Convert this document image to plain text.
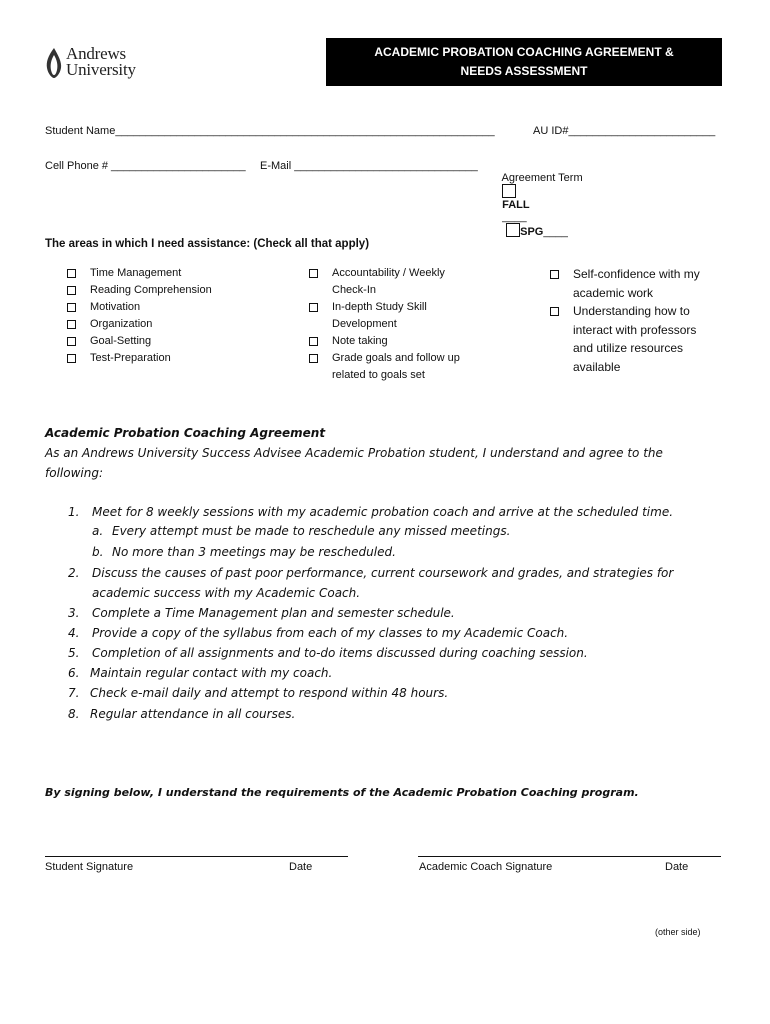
Andrews
University
ACADEMIC PROBATION COACHING AGREEMENT &
NEEDS ASSESSMENT
Student Name______________________________________________________________	AU ID#________________________
Cell Phone # ______________________ E-Mail ______________________________

Agreement Term

FALL
____
SPG____

The areas in which I need assistance: (Check all that apply)
Time Management
Reading Comprehension
Motivation
Organization
Goal-Setting
Test-Preparation
Accountability / Weekly
Check-In
In-depth Study Skill
Development
Note taking
Grade goals and follow up
related to goals set
Self-confidence with my
academic work
Understanding how to
interact with professors
and utilize resources
available
Academic Probation Coaching Agreement
As an Andrews University Success Advisee Academic Probation student, I understand and agree to the
following:
1. Meet for 8 weekly sessions with my academic probation coach and arrive at the scheduled time.
a. Every attempt must be made to reschedule any missed meetings.
b. No more than 3 meetings may be rescheduled.
2. Discuss the causes of past poor performance, current coursework and grades, and strategies for
academic success with my Academic Coach.
3. Complete a Time Management plan and semester schedule.
4. Provide a copy of the syllabus from each of my classes to my Academic Coach.
5. Completion of all assignments and to-do items discussed during coaching session.
6. Maintain regular contact with my coach.
7. Check e-mail daily and attempt to respond within 48 hours.
8. Regular attendance in all courses.
By signing below, I understand the requirements of the Academic Probation Coaching program.
Student Signature	Date	Academic Coach Signature	Date
(other side)
